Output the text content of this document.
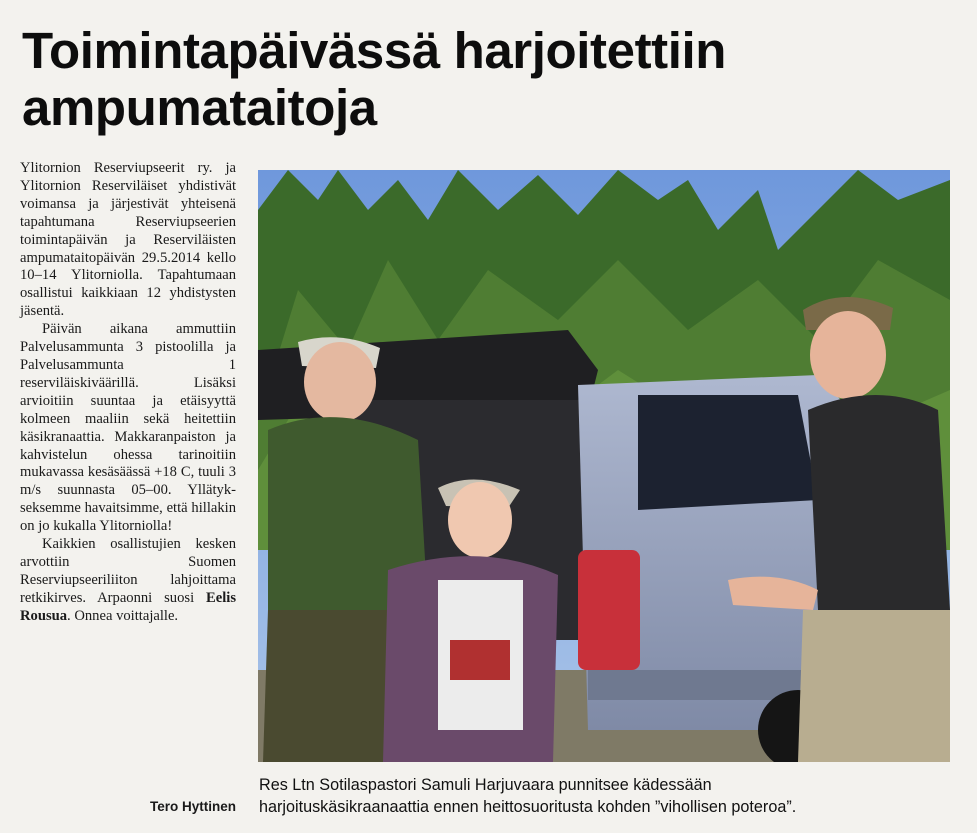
Toimintapäivässä harjoitettiin
ampumataitoja

Ylitornion Reserviupseerit ry. ja Ylitornion Reserviläiset yhdistivät voimansa ja järjestivät yhteisenä tapahtumana Reserviupseerien toimintapäivän ja Reserviläisten ampumataitopäivän 29.5.2014 kello 10–14 Ylitorniolla. Tapahtumaan osallistui kaikkiaan 12 yhdistysten jäsentä.

Päivän aikana ammuttiin Palvelusammunta 3 pistoolilla ja Palvelusammunta 1 reserviläiskiväärillä. Lisäksi arvioitiin suuntaa ja etäisyyttä kolmeen maaliin sekä heitettiin käsikranaattia. Makkaranpaiston ja kahvistelun ohessa tarinoitiin mukavassa kesäsäässä +18 C, tuuli 3 m/s suunnasta 05–00. Yllätykseksemme havaitsimme, että hillakin on jo kukalla Ylitorniolla!

Kaikkien osallistujien kesken arvottiin Suomen Reserviupseeriliiton lahjoittama retkikirves. Arpaonni suosi Eelis Rousua. Onnea voittajalle.

Tero Hyttinen
Res Ltn Sotilaspastori Samuli Harjuvaara punnitsee kädessään
harjoituskäsikraanaattia ennen heittosuoritusta kohden ”vihollisen poteroa”.
